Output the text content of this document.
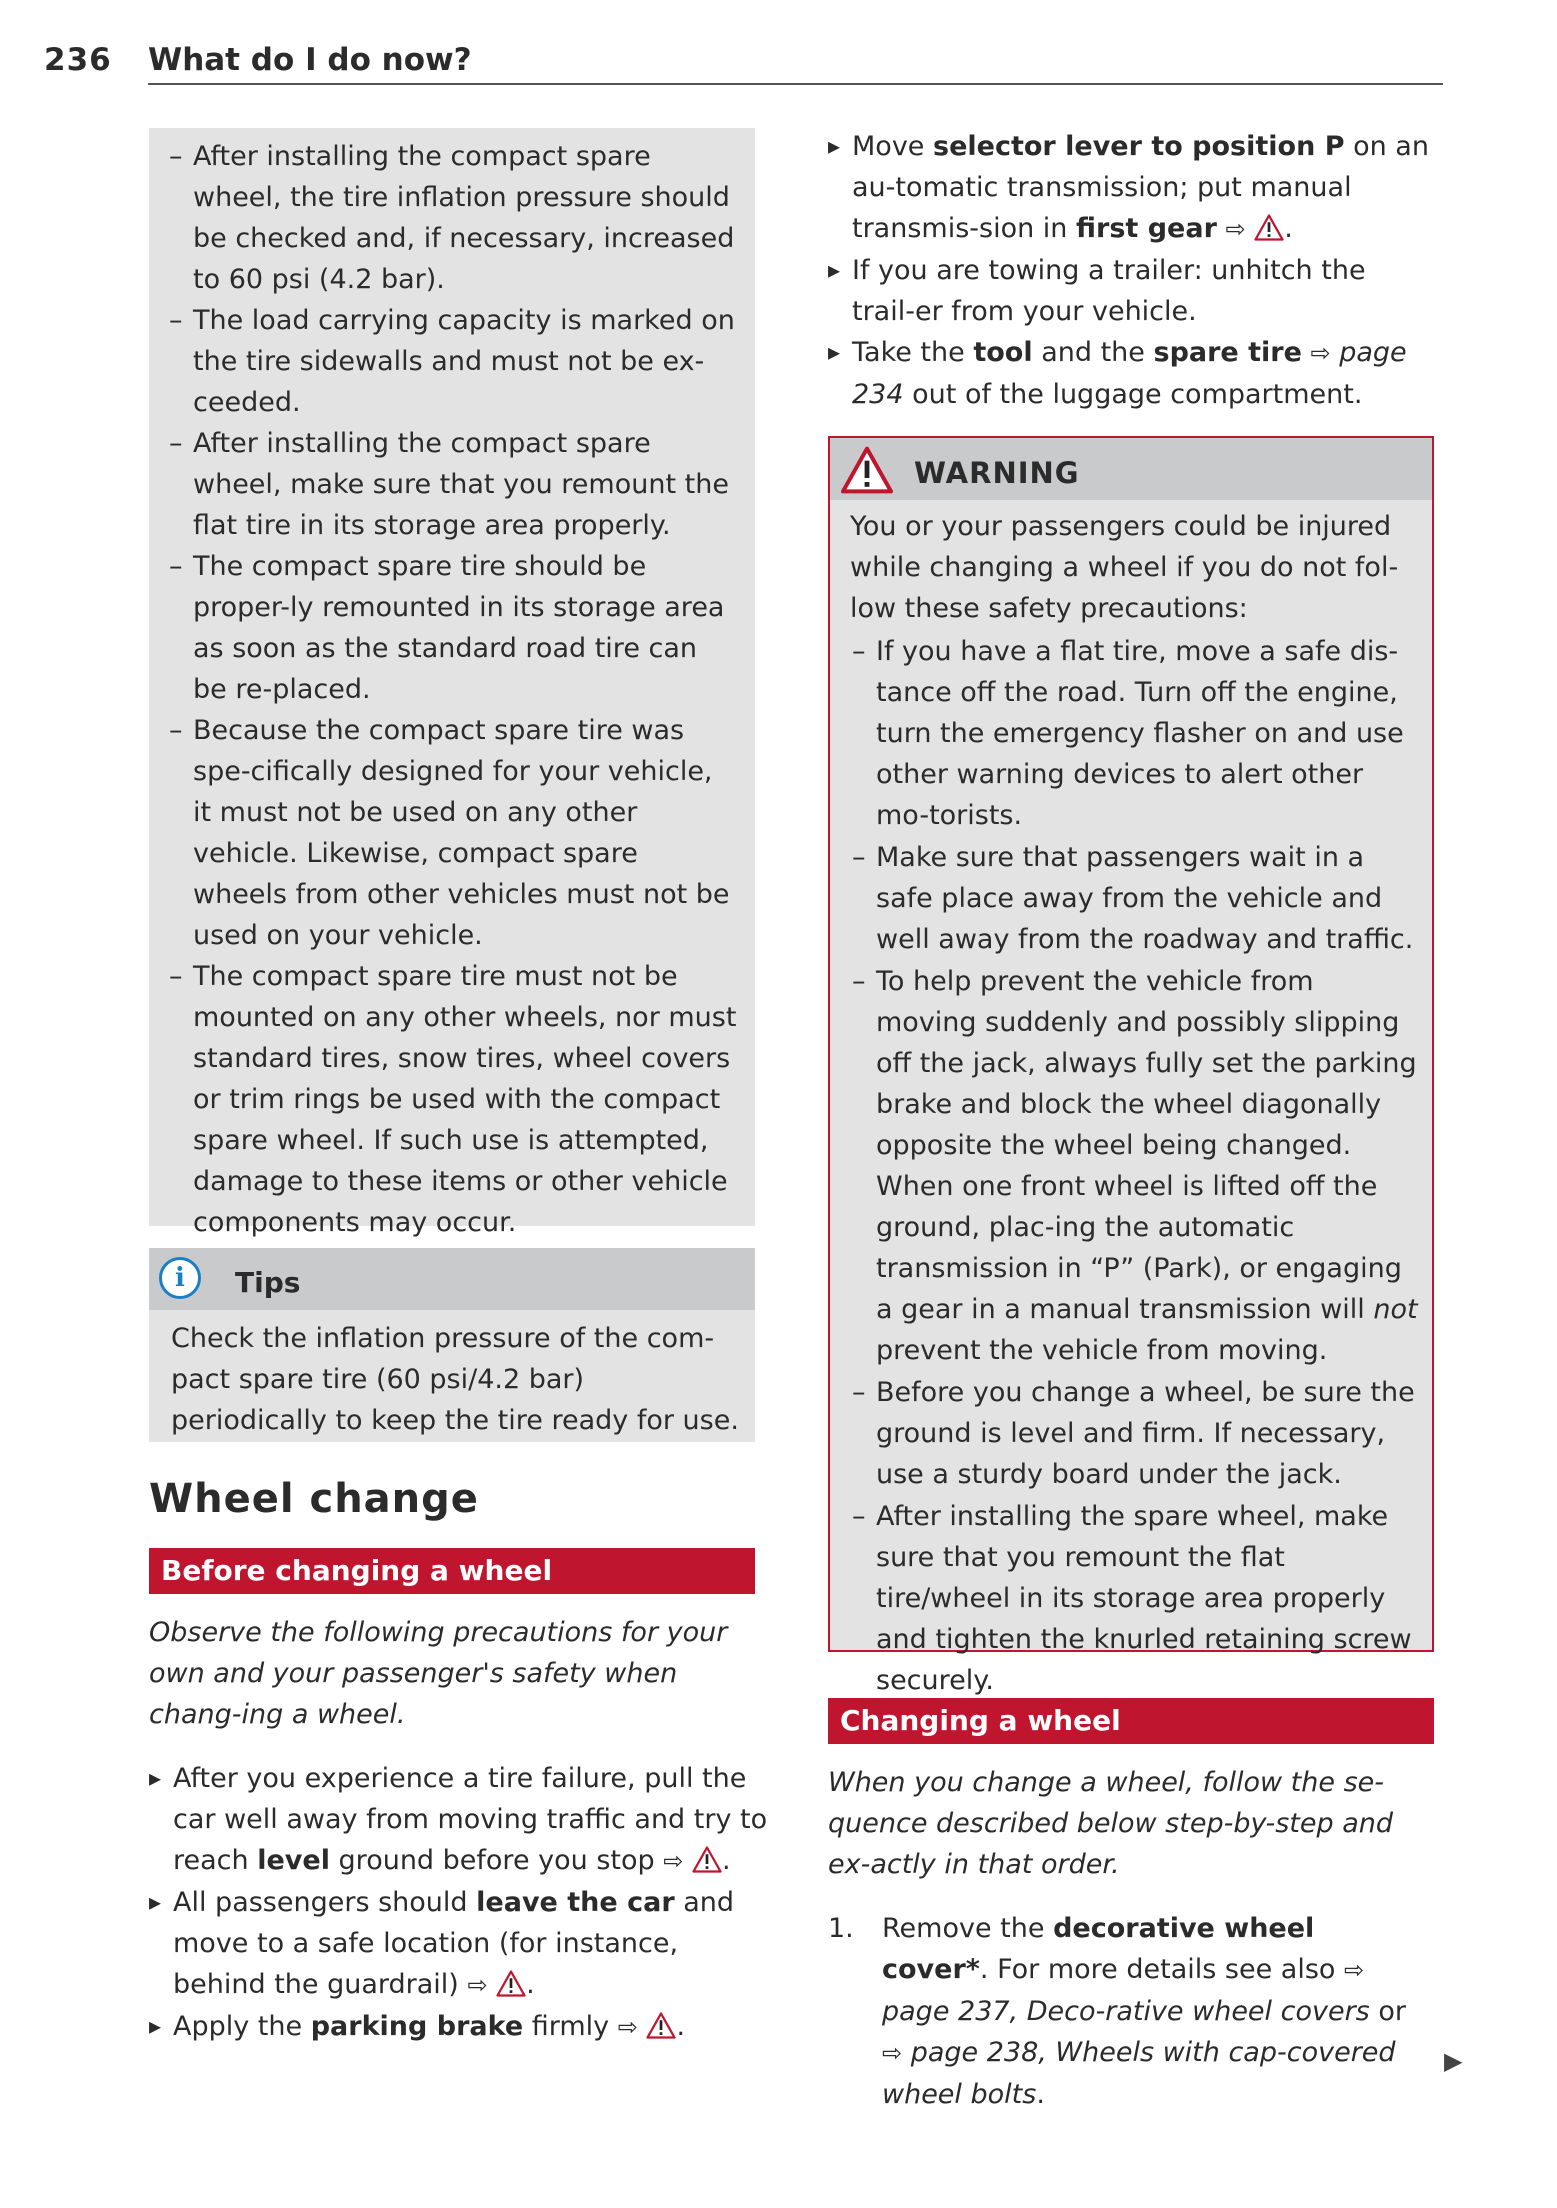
236 What do I do now?
– After installing the compact spare wheel, the tire inflation pressure should be checked and, if necessary, increased to 60 psi (4.2 bar).
– The load carrying capacity is marked on the tire sidewalls and must not be ex-ceeded.
– After installing the compact spare wheel, make sure that you remount the flat tire in its storage area properly.
– The compact spare tire should be proper-ly remounted in its storage area as soon as the standard road tire can be re-placed.
– Because the compact spare tire was spe-cifically designed for your vehicle, it must not be used on any other vehicle. Likewise, compact spare wheels from other vehicles must not be used on your vehicle.
– The compact spare tire must not be mounted on any other wheels, nor must standard tires, snow tires, wheel covers or trim rings be used with the compact spare wheel. If such use is attempted, damage to these items or other vehicle components may occur.
i	Tips
Check the inflation pressure of the com-pact spare tire (60 psi/4.2 bar) periodically to keep the tire ready for use.
Wheel change
Before changing a wheel
Observe the following precautions for your own and your passenger's safety when chang-ing a wheel.
▸ After you experience a tire failure, pull the car well away from moving traffic and try to reach level ground before you stop ⇨ .
▸ All passengers should leave the car and move to a safe location (for instance, behind the guardrail) ⇨ .
▸ Apply the parking brake firmly ⇨ .
▸ Move selector lever to position P on an au-tomatic transmission; put manual transmis-sion in first gear ⇨ .
▸ If you are towing a trailer: unhitch the trail-er from your vehicle.
▸ Take the tool and the spare tire ⇨ page 234 out of the luggage compartment.
WARNING
You or your passengers could be injured while changing a wheel if you do not fol-low these safety precautions:
– If you have a flat tire, move a safe dis-tance off the road. Turn off the engine, turn the emergency flasher on and use other warning devices to alert other mo-torists.
– Make sure that passengers wait in a safe place away from the vehicle and well away from the roadway and traffic.
– To help prevent the vehicle from moving suddenly and possibly slipping off the jack, always fully set the parking brake and block the wheel diagonally opposite the wheel being changed. When one front wheel is lifted off the ground, plac-ing the automatic transmission in “P” (Park), or engaging a gear in a manual transmission will not prevent the vehicle from moving.
– Before you change a wheel, be sure the ground is level and firm. If necessary, use a sturdy board under the jack.
– After installing the spare wheel, make sure that you remount the flat tire/wheel in its storage area properly and tighten the knurled retaining screw securely.
Changing a wheel
When you change a wheel, follow the se-quence described below step-by-step and ex-actly in that order.
1. Remove the decorative wheel cover*. For more details see also ⇨ page 237, Deco-rative wheel covers or ⇨ page 238, Wheels with cap-covered wheel bolts.
▶
